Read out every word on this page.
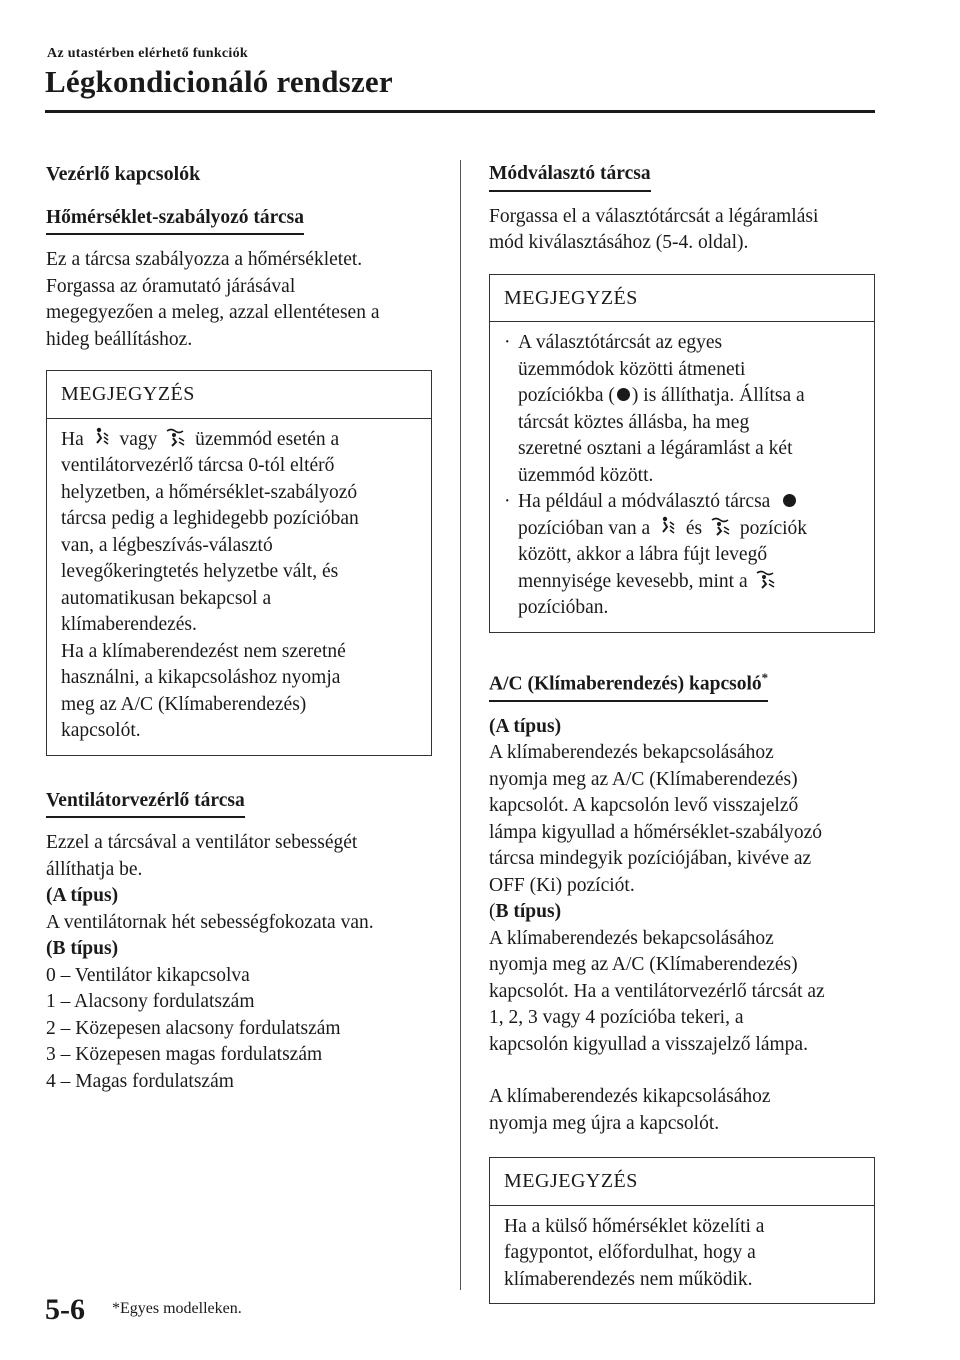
Az utastérben elérhető funkciók
Légkondicionáló rendszer

Vezérlő kapcsolók

Hőmérséklet-szabályozó tárcsa

Ez a tárcsa szabályozza a hőmérsékletet.

Forgassa az óramutató járásával

megegyezően a meleg, azzal ellentétesen a

hideg beállításhoz.

MEGJEGYZÉS

Ha vagy üzemmód esetén a

ventilátorvezérlő tárcsa 0-tól eltérő

helyzetben, a hőmérséklet-szabályozó

tárcsa pedig a leghidegebb pozícióban

van, a légbeszívás-választó

levegőkeringtetés helyzetbe vált, és

automatikusan bekapcsol a

klímaberendezés.

Ha a klímaberendezést nem szeretné

használni, a kikapcsoláshoz nyomja

meg az A/C (Klímaberendezés)

kapcsolót.

Ventilátorvezérlő tárcsa

Ezzel a tárcsával a ventilátor sebességét

állíthatja be.

(A típus)

A ventilátornak hét sebességfokozata van.

(B típus)

0 – Ventilátor kikapcsolva

1 – Alacsony fordulatszám

2 – Közepesen alacsony fordulatszám

3 – Közepesen magas fordulatszám

4 – Magas fordulatszám

Módválasztó tárcsa

Forgassa el a választótárcsát a légáramlási

mód kiválasztásához (5-4. oldal).

MEGJEGYZÉS
· A választótárcsát az egyes

üzemmódok közötti átmeneti

pozíciókba ( ) is állíthatja. Állítsa a

tárcsát köztes állásba, ha meg

szeretné osztani a légáramlást a két

üzemmód között.

· Ha például a módválasztó tárcsa

pozícióban van a és pozíciók

között, akkor a lábra fújt levegő

mennyisége kevesebb, mint a

pozícióban.

A/C (Klímaberendezés) kapcsoló*

(A típus)

A klímaberendezés bekapcsolásához

nyomja meg az A/C (Klímaberendezés)

kapcsolót. A kapcsolón levő visszajelző

lámpa kigyullad a hőmérséklet-szabályozó

tárcsa mindegyik pozíciójában, kivéve az

OFF (Ki) pozíciót.

(B típus)

A klímaberendezés bekapcsolásához

nyomja meg az A/C (Klímaberendezés)

kapcsolót. Ha a ventilátorvezérlő tárcsát az

1, 2, 3 vagy 4 pozícióba tekeri, a

kapcsolón kigyullad a visszajelző lámpa.

A klímaberendezés kikapcsolásához

nyomja meg újra a kapcsolót.

MEGJEGYZÉS

Ha a külső hőmérséklet közelíti a

fagypontot, előfordulhat, hogy a

klímaberendezés nem működik.

5-6 *Egyes modelleken.
